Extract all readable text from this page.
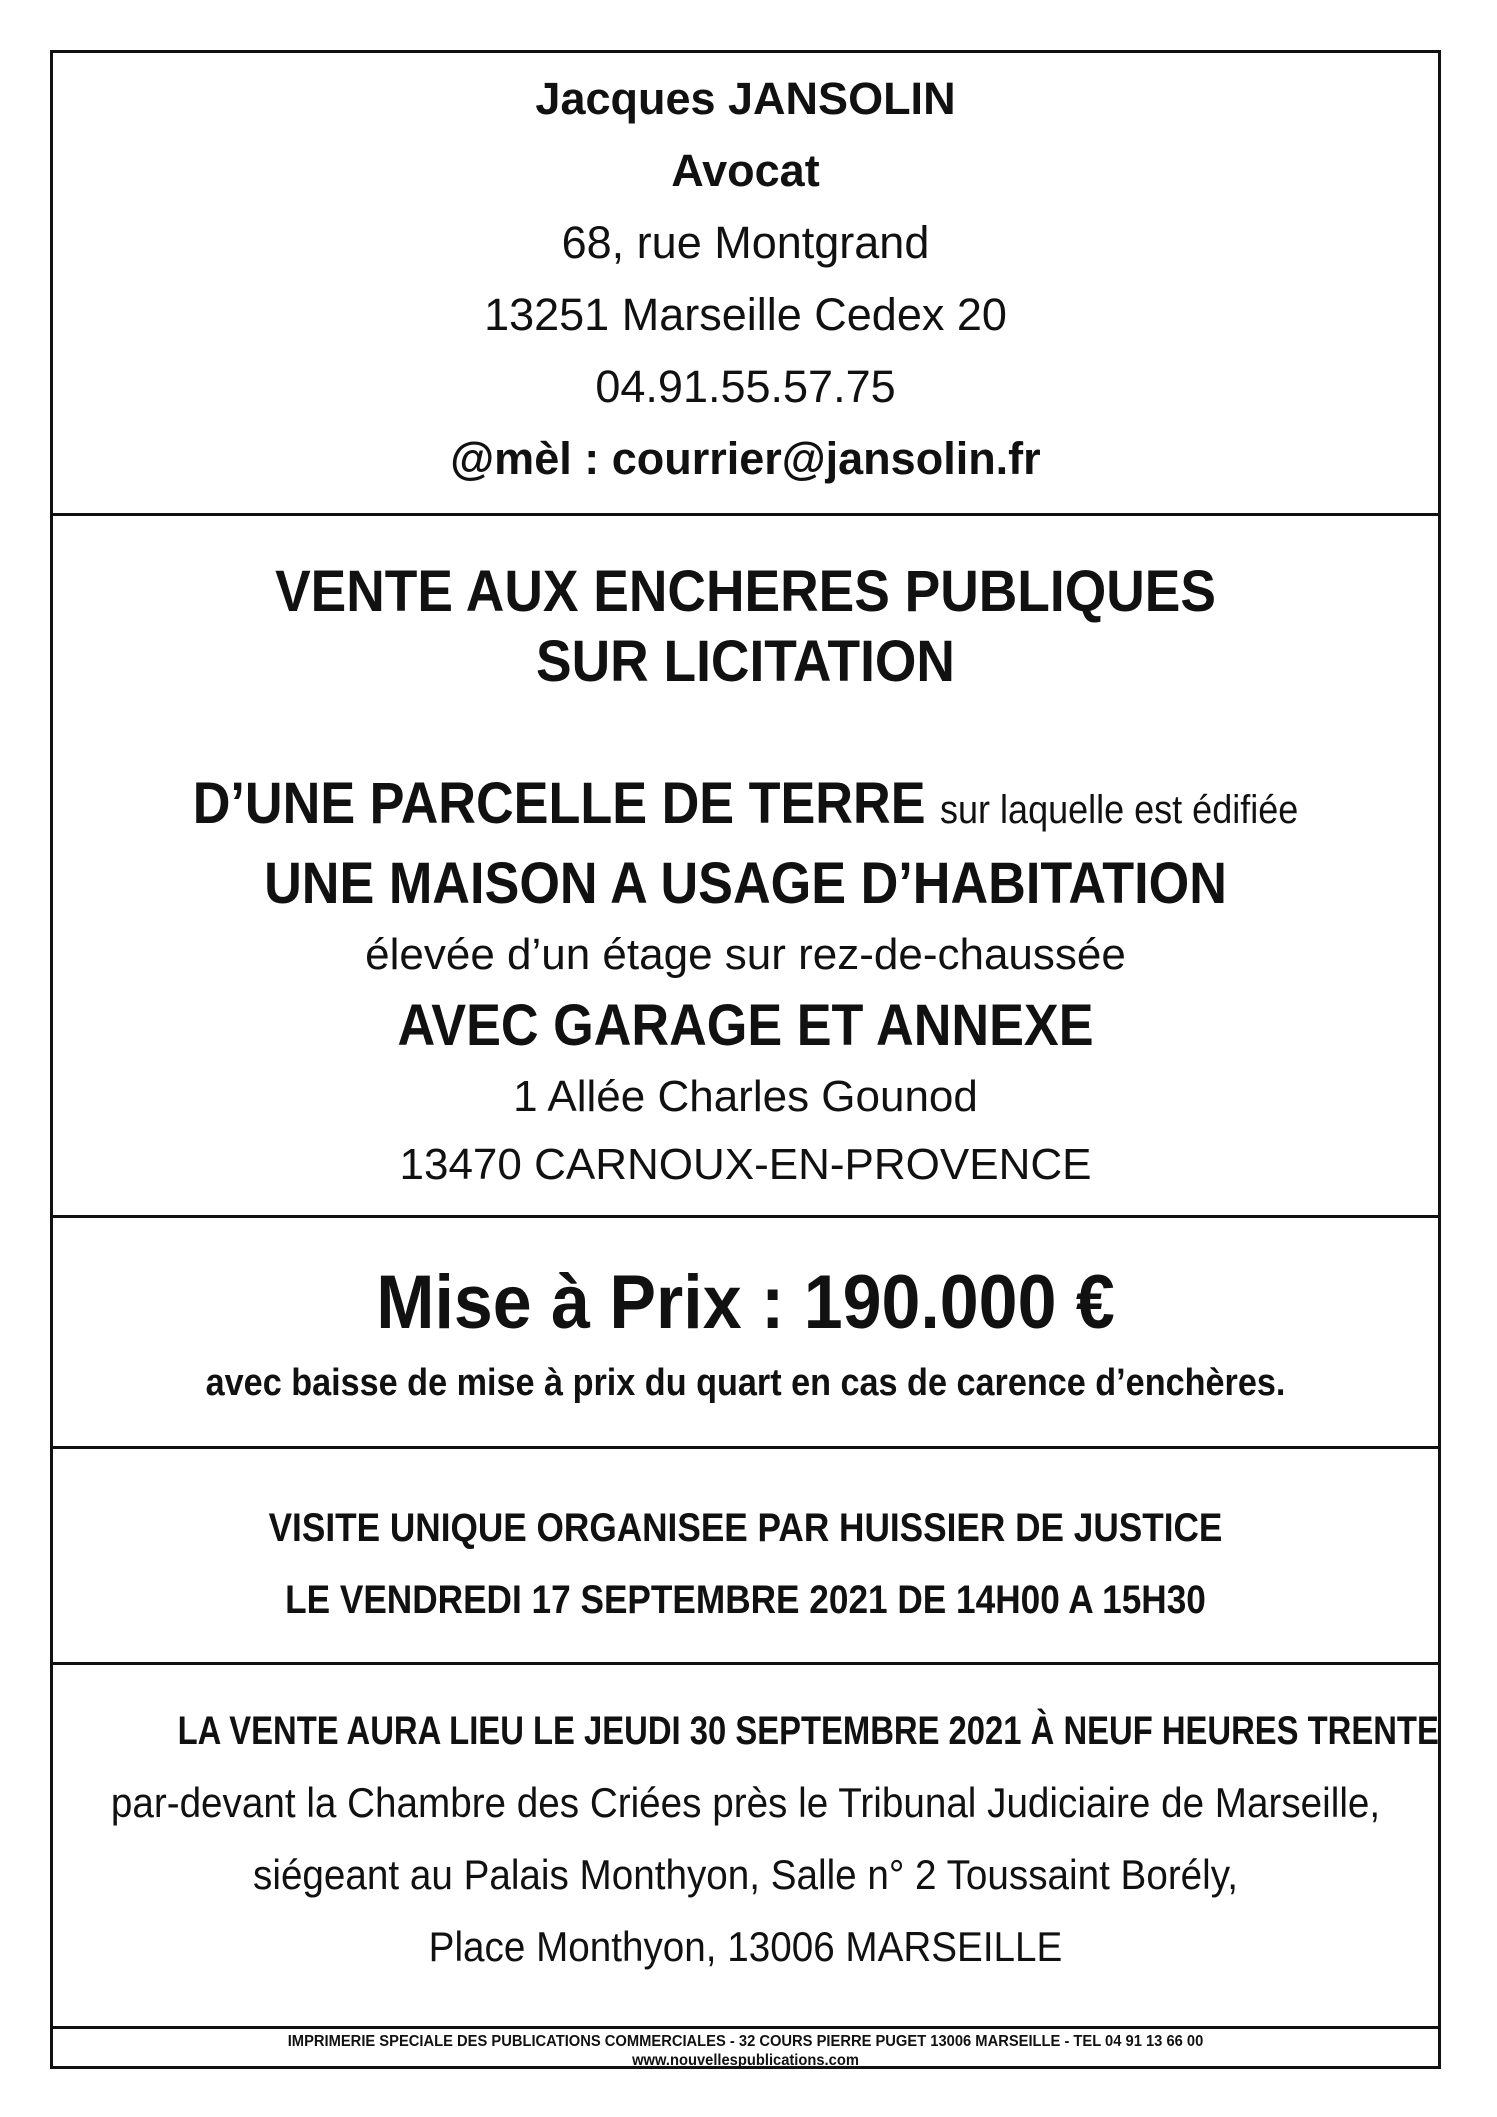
Jacques JANSOLIN
Avocat
68, rue Montgrand
13251 Marseille Cedex 20
04.91.55.57.75
@mèl : courrier@jansolin.fr
VENTE AUX ENCHERES PUBLIQUES
SUR LICITATION
D’UNE PARCELLE DE TERRE sur laquelle est édifiée
UNE MAISON A USAGE D’HABITATION
élevée d’un étage sur rez-de-chaussée
AVEC GARAGE ET ANNEXE
1 Allée Charles Gounod
13470 CARNOUX-EN-PROVENCE
Mise à Prix : 190.000 €
avec baisse de mise à prix du quart en cas de carence d’enchères.
VISITE UNIQUE ORGANISEE PAR HUISSIER DE JUSTICE
LE VENDREDI 17 SEPTEMBRE 2021 DE 14H00 A 15H30
LA VENTE AURA LIEU LE JEUDI 30 SEPTEMBRE 2021 À NEUF HEURES TRENTE
par-devant la Chambre des Criées près le Tribunal Judiciaire de Marseille,
siégeant au Palais Monthyon, Salle n° 2 Toussaint Borély,
Place Monthyon, 13006 MARSEILLE
IMPRIMERIE SPECIALE DES PUBLICATIONS COMMERCIALES - 32 COURS PIERRE PUGET 13006 MARSEILLE - TEL 04 91 13 66 00
www.nouvellespublications.com
